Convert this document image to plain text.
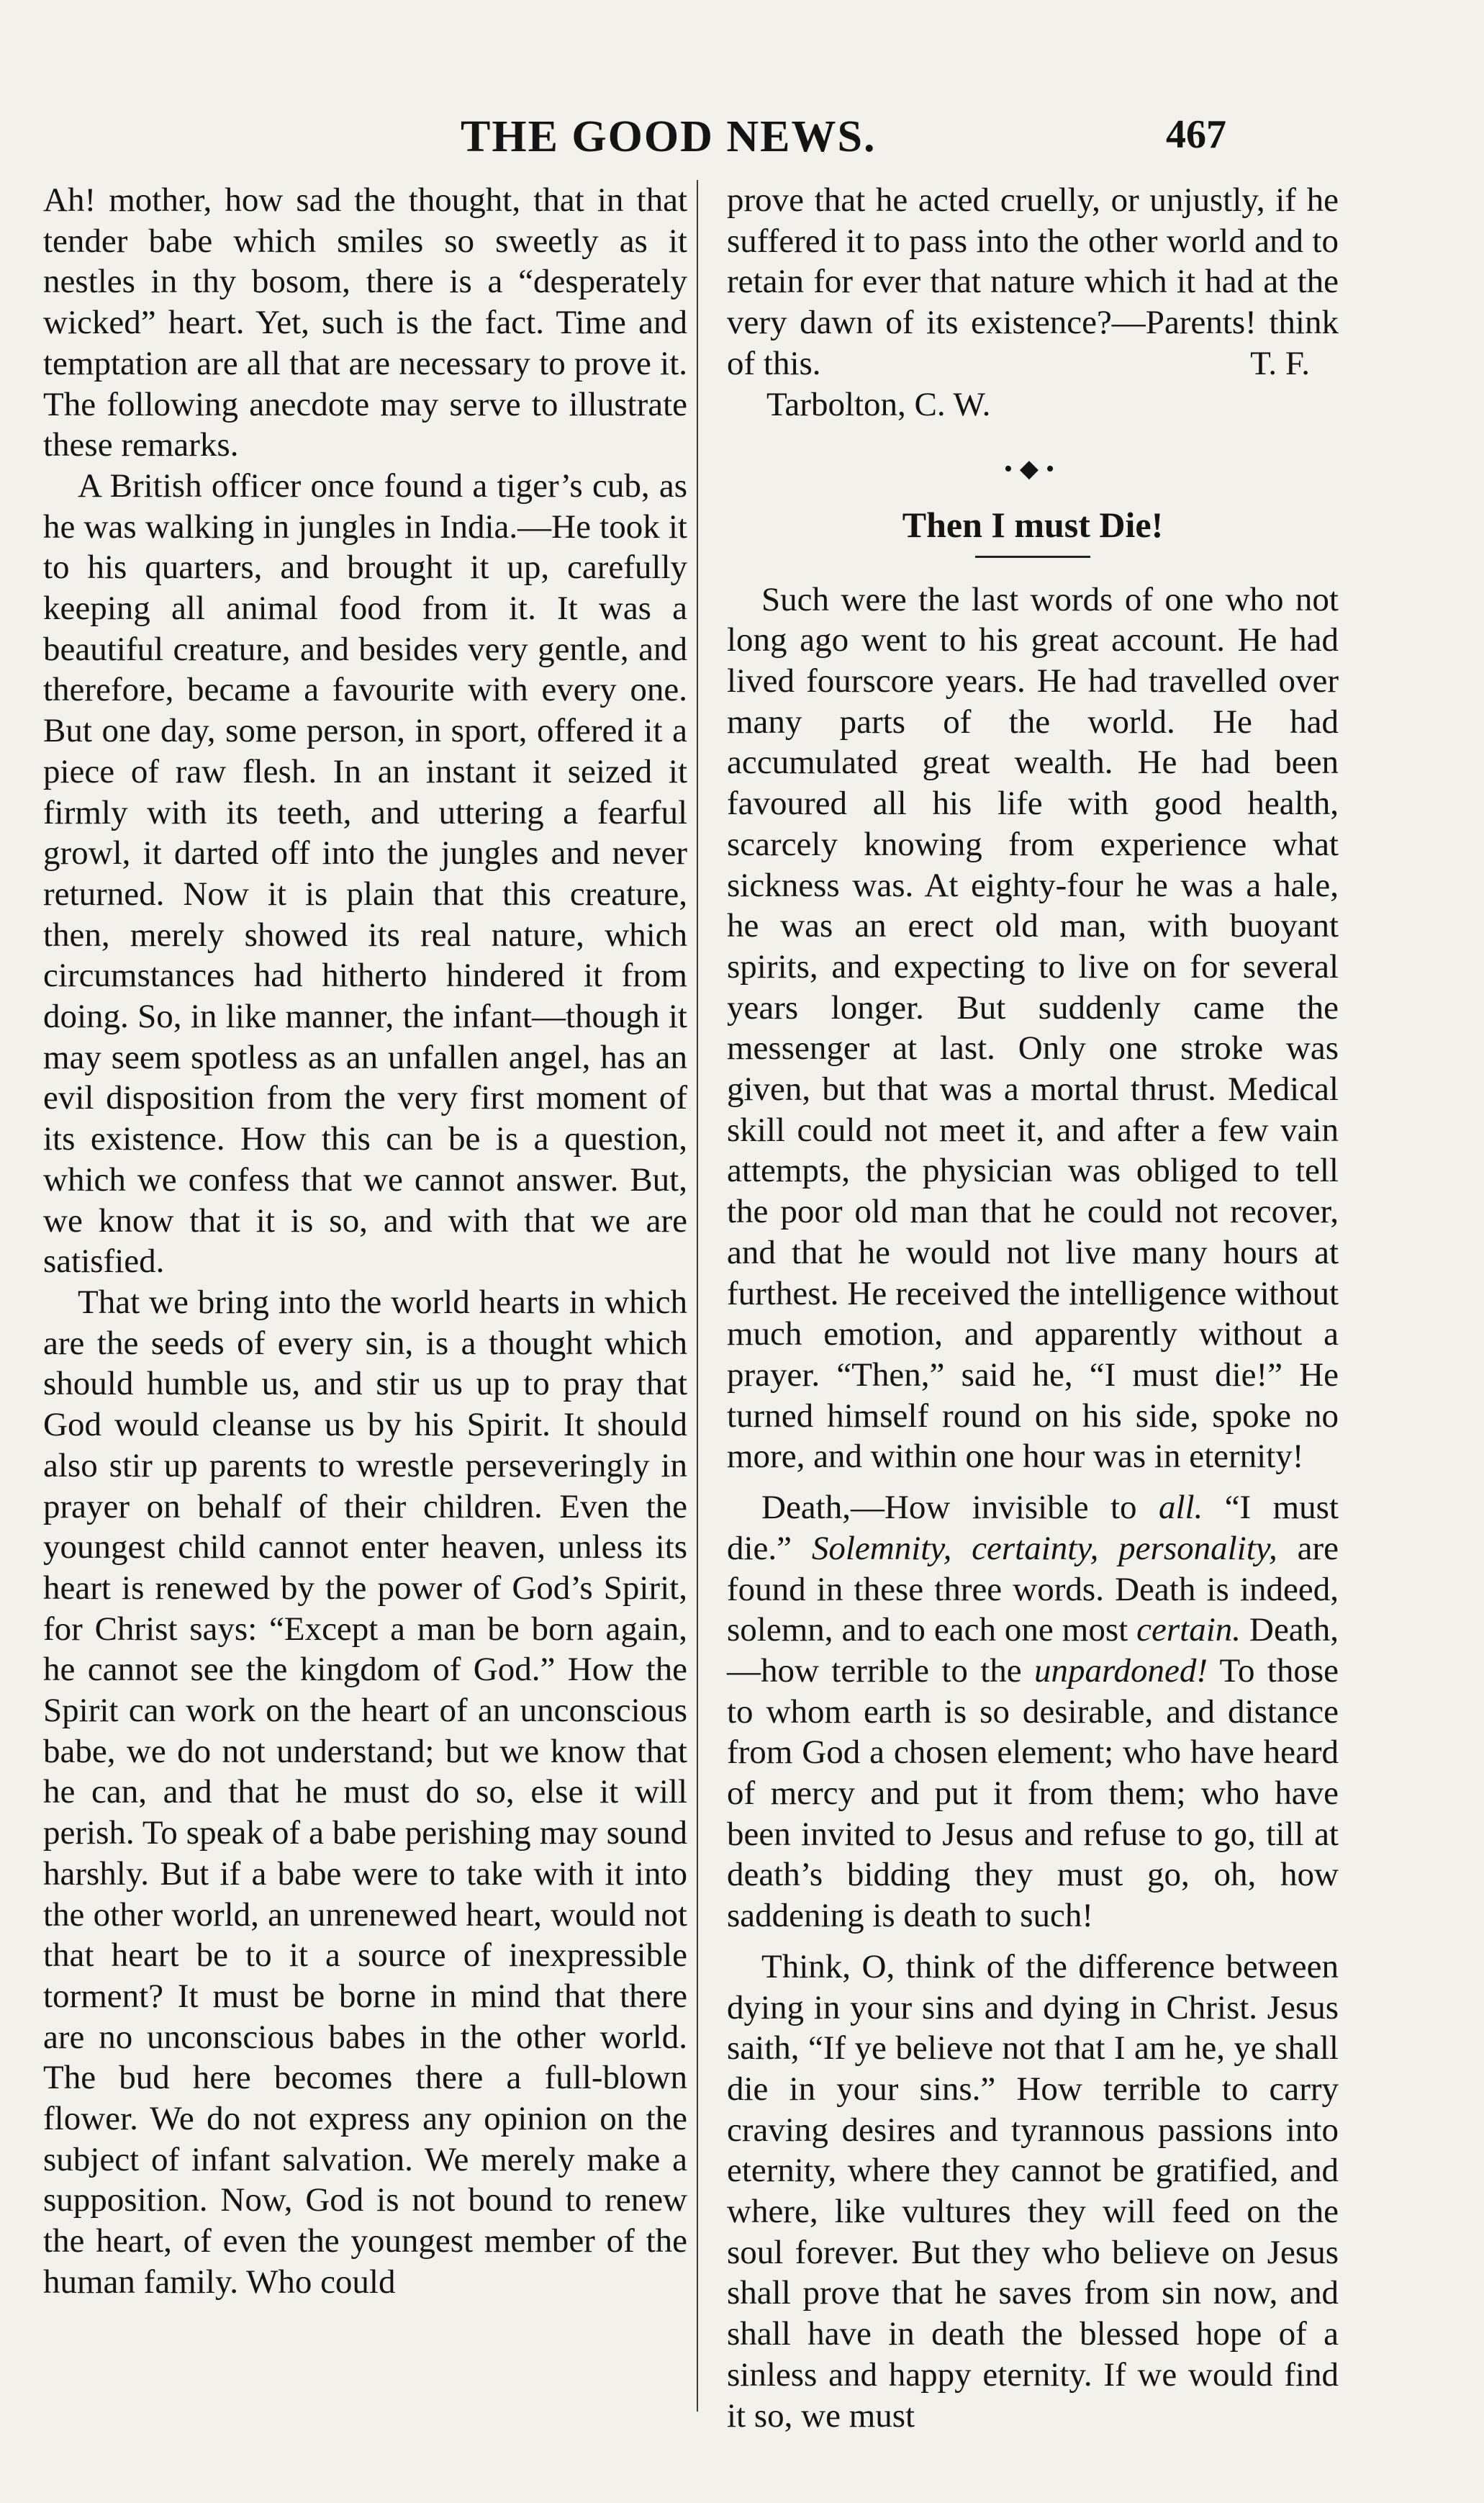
THE GOOD NEWS.	467

Ah! mother, how sad the thought, that in that tender babe which smiles so sweetly as it nestles in thy bosom, there is a “desperately wicked” heart. Yet, such is the fact. Time and temptation are all that are necessary to prove it. The following anecdote may serve to illustrate these remarks.

A British officer once found a tiger’s cub, as he was walking in jungles in India.—He took it to his quarters, and brought it up, carefully keeping all animal food from it. It was a beautiful creature, and besides very gentle, and therefore, became a favourite with every one. But one day, some person, in sport, offered it a piece of raw flesh. In an instant it seized it firmly with its teeth, and uttering a fearful growl, it darted off into the jungles and never returned. Now it is plain that this creature, then, merely showed its real nature, which circumstances had hitherto hindered it from doing. So, in like manner, the infant—though it may seem spotless as an unfallen angel, has an evil disposition from the very first moment of its existence. How this can be is a question, which we confess that we cannot answer. But, we know that it is so, and with that we are satisfied.

That we bring into the world hearts in which are the seeds of every sin, is a thought which should humble us, and stir us up to pray that God would cleanse us by his Spirit. It should also stir up parents to wrestle perseveringly in prayer on behalf of their children. Even the youngest child cannot enter heaven, unless its heart is renewed by the power of God’s Spirit, for Christ says: “Except a man be born again, he cannot see the kingdom of God.” How the Spirit can work on the heart of an unconscious babe, we do not understand; but we know that he can, and that he must do so, else it will perish. To speak of a babe perishing may sound harshly. But if a babe were to take with it into the other world, an unrenewed heart, would not that heart be to it a source of inexpressible torment? It must be borne in mind that there are no unconscious babes in the other world. The bud here becomes there a full-blown flower. We do not express any opinion on the subject of infant salvation. We merely make a supposition. Now, God is not bound to renew the heart, of even the youngest member of the human family. Who could

prove that he acted cruelly, or unjustly, if he suffered it to pass into the other world and to retain for ever that nature which it had at the very dawn of its existence?—Parents! think of this.	T. F.

Tarbolton, C. W.

•◆•
Then I must Die!

Such were the last words of one who not long ago went to his great account. He had lived fourscore years. He had travelled over many parts of the world. He had accumulated great wealth. He had been favoured all his life with good health, scarcely knowing from experience what sickness was. At eighty-four he was a hale, he was an erect old man, with buoyant spirits, and expecting to live on for several years longer. But suddenly came the messenger at last. Only one stroke was given, but that was a mortal thrust. Medical skill could not meet it, and after a few vain attempts, the physician was obliged to tell the poor old man that he could not recover, and that he would not live many hours at furthest. He received the intelligence without much emotion, and apparently without a prayer. “Then,” said he, “I must die!” He turned himself round on his side, spoke no more, and within one hour was in eternity!

Death,—How invisible to all. “I must die.” Solemnity, certainty, personality, are found in these three words. Death is indeed, solemn, and to each one most certain. Death,—how terrible to the unpardoned! To those to whom earth is so desirable, and distance from God a chosen element; who have heard of mercy and put it from them; who have been invited to Jesus and refuse to go, till at death’s bidding they must go, oh, how saddening is death to such!

Think, O, think of the difference between dying in your sins and dying in Christ. Jesus saith, “If ye believe not that I am he, ye shall die in your sins.” How terrible to carry craving desires and tyrannous passions into eternity, where they cannot be gratified, and where, like vultures they will feed on the soul forever. But they who believe on Jesus shall prove that he saves from sin now, and shall have in death the blessed hope of a sinless and happy eternity. If we would find it so, we must
